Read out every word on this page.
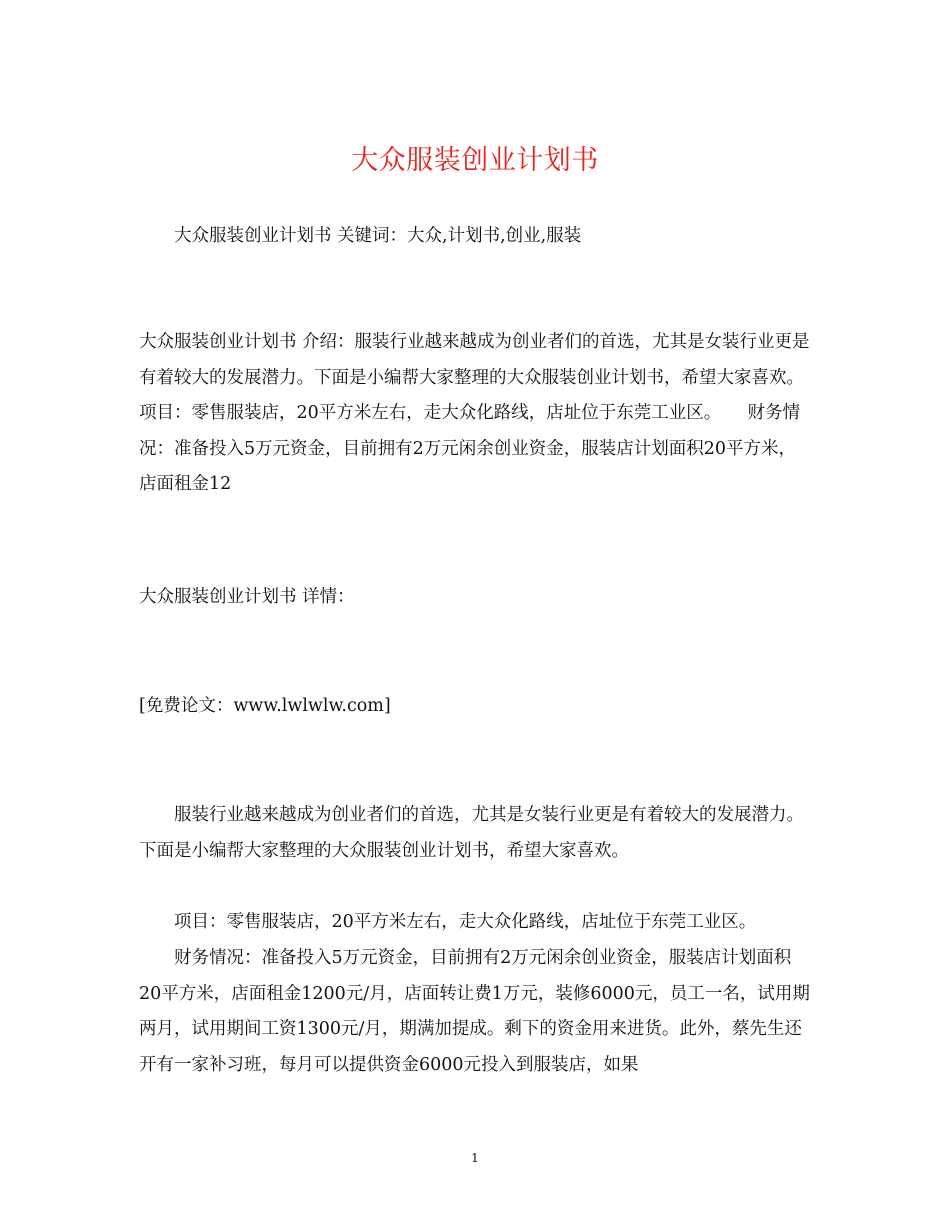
大众服装创业计划书

大众服装创业计划书 关键词：大众,计划书,创业,服装

大众服装创业计划书 介绍：服装行业越来越成为创业者们的首选，尤其是女装行业更是有着较大的发展潜力。下面是小编帮大家整理的大众服装创业计划书，希望大家喜欢。　　项目：零售服装店，20平方米左右，走大众化路线，店址位于东莞工业区。　　财务情况：准备投入5万元资金，目前拥有2万元闲余创业资金，服装店计划面积20平方米，店面租金12

大众服装创业计划书 详情：

[免费论文：www.lwlwlw.com]

服装行业越来越成为创业者们的首选，尤其是女装行业更是有着较大的发展潜力。下面是小编帮大家整理的大众服装创业计划书，希望大家喜欢。

项目：零售服装店，20平方米左右，走大众化路线，店址位于东莞工业区。

财务情况：准备投入5万元资金，目前拥有2万元闲余创业资金，服装店计划面积20平方米，店面租金1200元/月，店面转让费1万元，装修6000元，员工一名，试用期两月，试用期间工资1300元/月，期满加提成。剩下的资金用来进货。此外，蔡先生还开有一家补习班，每月可以提供资金6000元投入到服装店，如果

1
